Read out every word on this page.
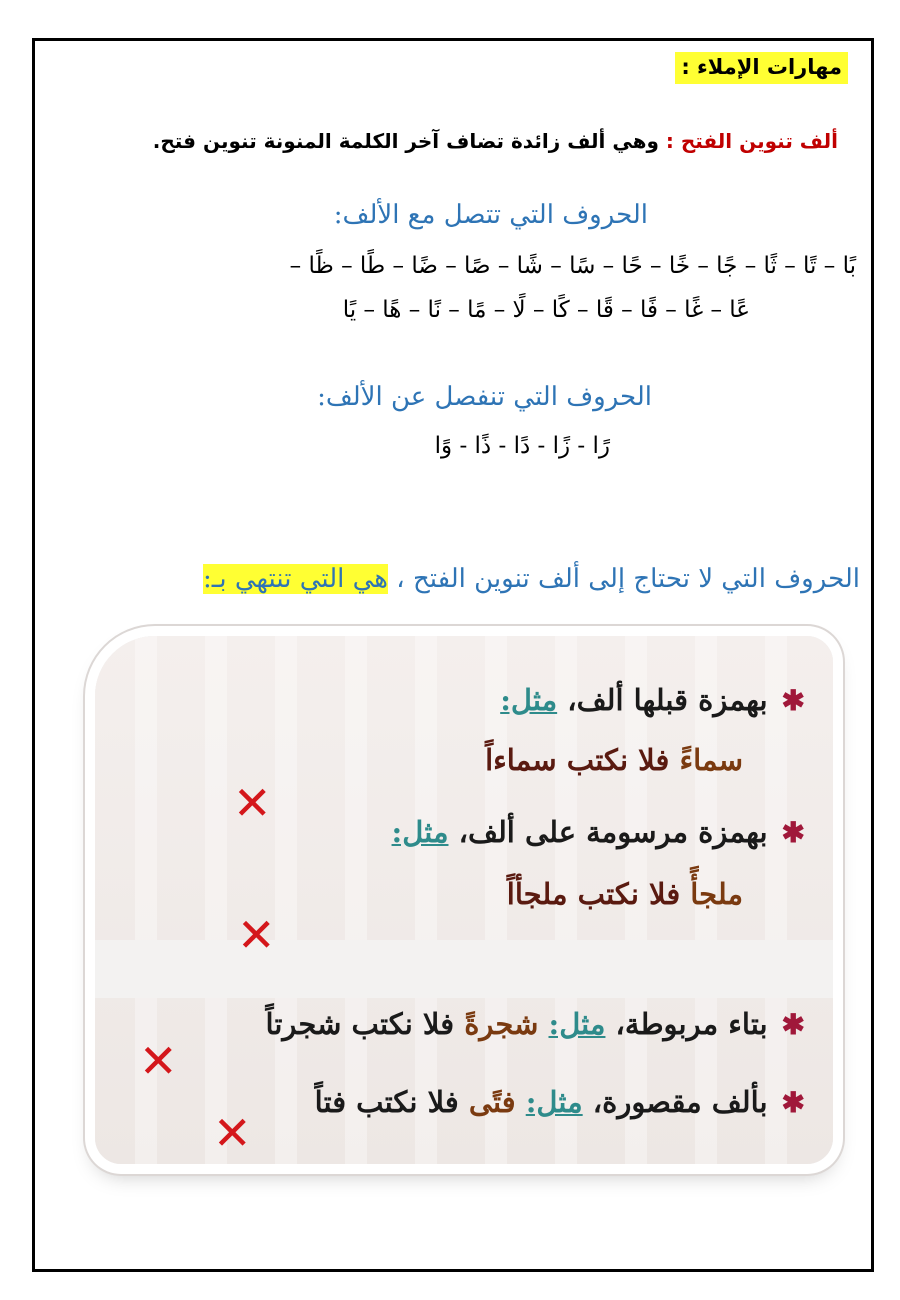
مهارات الإملاء :
ألف تنوين الفتح : وهي ألف زائدة تضاف آخر الكلمة المنونة تنوين فتح.
الحروف التي تتصل مع الألف:
بًا – تًا – ثًا – جًا – خًا – حًا – سًا – شًا – صًا – ضًا – طًا – ظًا –
عًا – غًا – فًا – قًا – كًا – لًا – مًا – نًا – هًا – يًا
الحروف التي تنفصل عن الألف:
رًا - زًا - دًا - ذًا - وًا
الحروف التي لا تحتاج إلى ألف تنوين الفتح ، هي التي تنتهي بـ:
✱بهمزة قبلها ألف، مثل:
سماءً فلا نكتب سماءاً
✕
✱بهمزة مرسومة على ألف، مثل:
ملجأً فلا نكتب ملجأاً
✕
✱بتاء مربوطة، مثل: شجرةً فلا نكتب شجرتاً
✕
✱بألف مقصورة، مثل: فتًى فلا نكتب فتاً
✕
